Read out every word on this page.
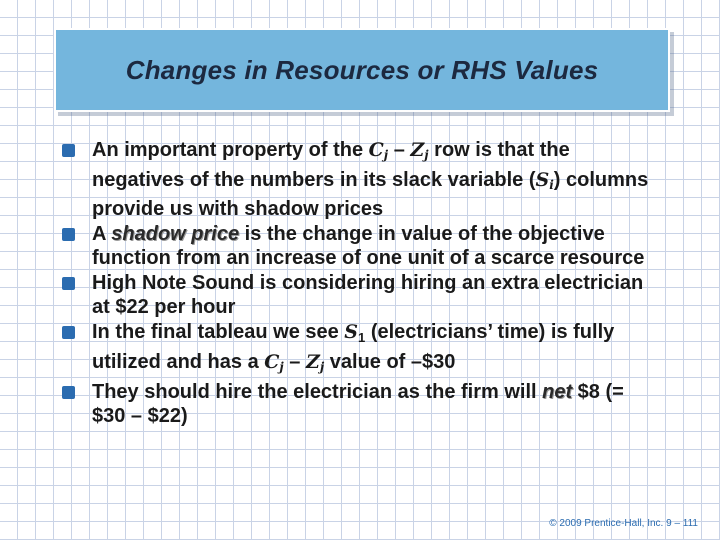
Changes in Resources or RHS Values
An important property of the $C_j - Z_j$ row is that the negatives of the numbers in its slack variable $(S_i)$ columns provide us with shadow prices
A shadow price is the change in value of the objective function from an increase of one unit of a scarce resource
High Note Sound is considering hiring an extra electrician at $22 per hour
In the final tableau we see $S_1$ (electricians’ time) is fully utilized and has a $C_j - Z_j$ value of –$30
They should hire the electrician as the firm will net $8 (= $30 – $22)
© 2009 Prentice-Hall, Inc. 9 – 111
